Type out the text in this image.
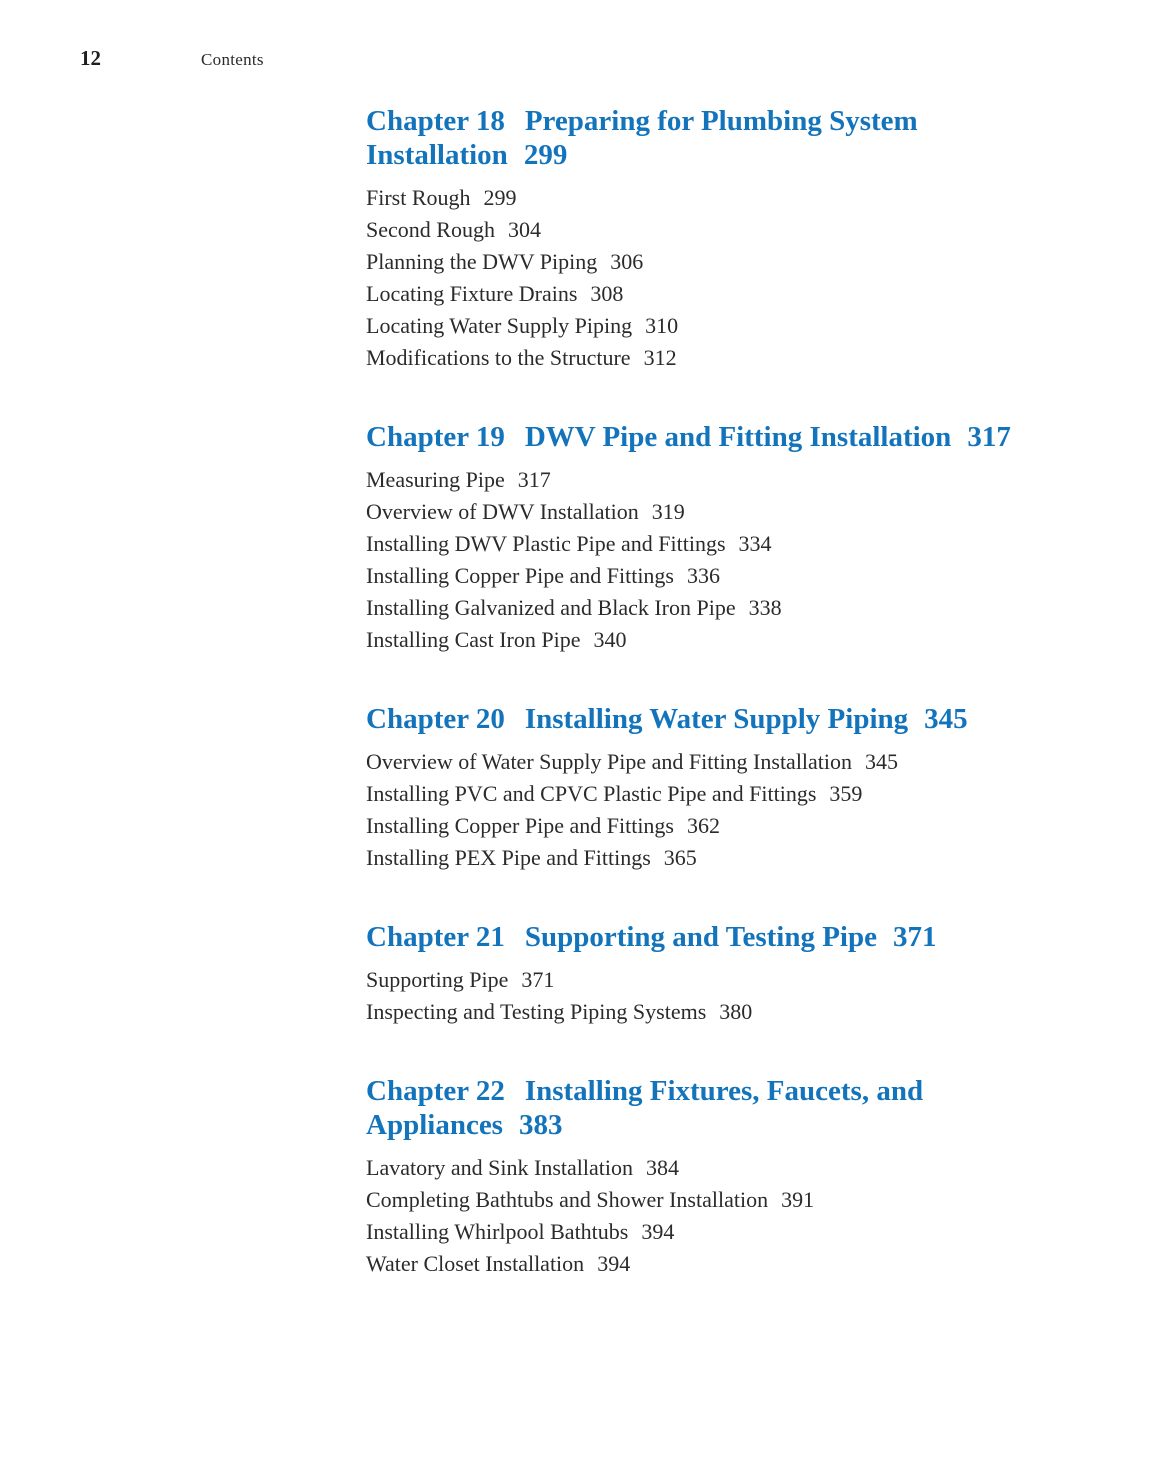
12	Contents
Chapter 18 Preparing for Plumbing System Installation 299
First Rough 299
Second Rough 304
Planning the DWV Piping 306
Locating Fixture Drains 308
Locating Water Supply Piping 310
Modifications to the Structure 312
Chapter 19 DWV Pipe and Fitting Installation 317
Measuring Pipe 317
Overview of DWV Installation 319
Installing DWV Plastic Pipe and Fittings 334
Installing Copper Pipe and Fittings 336
Installing Galvanized and Black Iron Pipe 338
Installing Cast Iron Pipe 340
Chapter 20 Installing Water Supply Piping 345
Overview of Water Supply Pipe and Fitting Installation 345
Installing PVC and CPVC Plastic Pipe and Fittings 359
Installing Copper Pipe and Fittings 362
Installing PEX Pipe and Fittings 365
Chapter 21 Supporting and Testing Pipe 371
Supporting Pipe 371
Inspecting and Testing Piping Systems 380
Chapter 22 Installing Fixtures, Faucets, and Appliances 383
Lavatory and Sink Installation 384
Completing Bathtubs and Shower Installation 391
Installing Whirlpool Bathtubs 394
Water Closet Installation 394
